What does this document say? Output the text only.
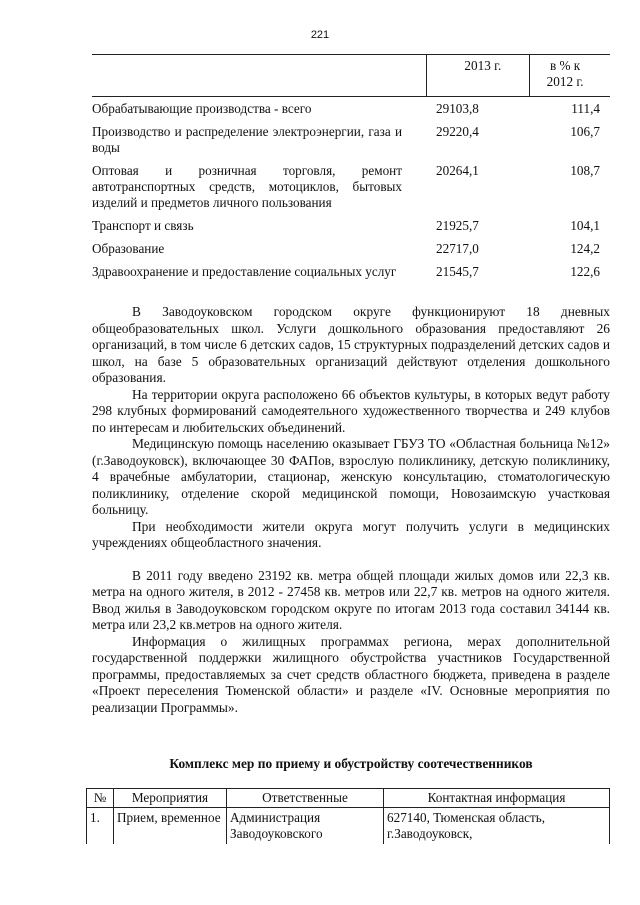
221
	2013 г.	в % к
2012 г.
Обрабатывающие производства - всего	29103,8	111,4
Производство и распределение электроэнергии, газа и воды	29220,4	106,7
Оптовая и розничная торговля, ремонт автотранспортных средств, мотоциклов, бытовых изделий и предметов личного пользования	20264,1	108,7
Транспорт и связь	21925,7	104,1
Образование	22717,0	124,2
Здравоохранение и предоставление социальных услуг	21545,7	122,6

В Заводоуковском городском округе функционируют 18 дневных общеобразовательных школ. Услуги дошкольного образования предоставляют 26 организаций, в том числе 6 детских садов, 15 структурных подразделений детских садов и школ, на базе 5 образовательных организаций действуют отделения дошкольного образования.

На территории округа расположено 66 объектов культуры, в которых ведут работу 298 клубных формирований самодеятельного художественного творчества и 249 клубов по интересам и любительских объединений.

Медицинскую помощь населению оказывает ГБУЗ ТО «Областная больница №12» (г.Заводоуковск), включающее 30 ФАПов, взрослую поликлинику, детскую поликлинику, 4 врачебные амбулатории, стационар, женскую консультацию, стоматологическую поликлинику, отделение скорой медицинской помощи, Новозаимскую участковая больницу.

При необходимости жители округа могут получить услуги в медицинских учреждениях общеобластного значения.

В 2011 году введено 23192 кв. метра общей площади жилых домов или 22,3 кв. метра на одного жителя, в 2012 - 27458 кв. метров или 22,7 кв. метров на одного жителя. Ввод жилья в Заводоуковском городском округе по итогам 2013 года составил 34144 кв. метра или 23,2 кв.метров на одного жителя.

Информация о жилищных программах региона, мерах дополнительной государственной поддержки жилищного обустройства участников Государственной программы, предоставляемых за счет средств областного бюджета, приведена в разделе «Проект переселения Тюменской области» и разделе «IV. Основные мероприятия по реализации Программы».

Комплекс мер по приему и обустройству соотечественников
№	Мероприятия	Ответственные	Контактная информация
1.	Прием, временное	Администрация Заводоуковского	627140, Тюменская область, г.Заводоуковск,
